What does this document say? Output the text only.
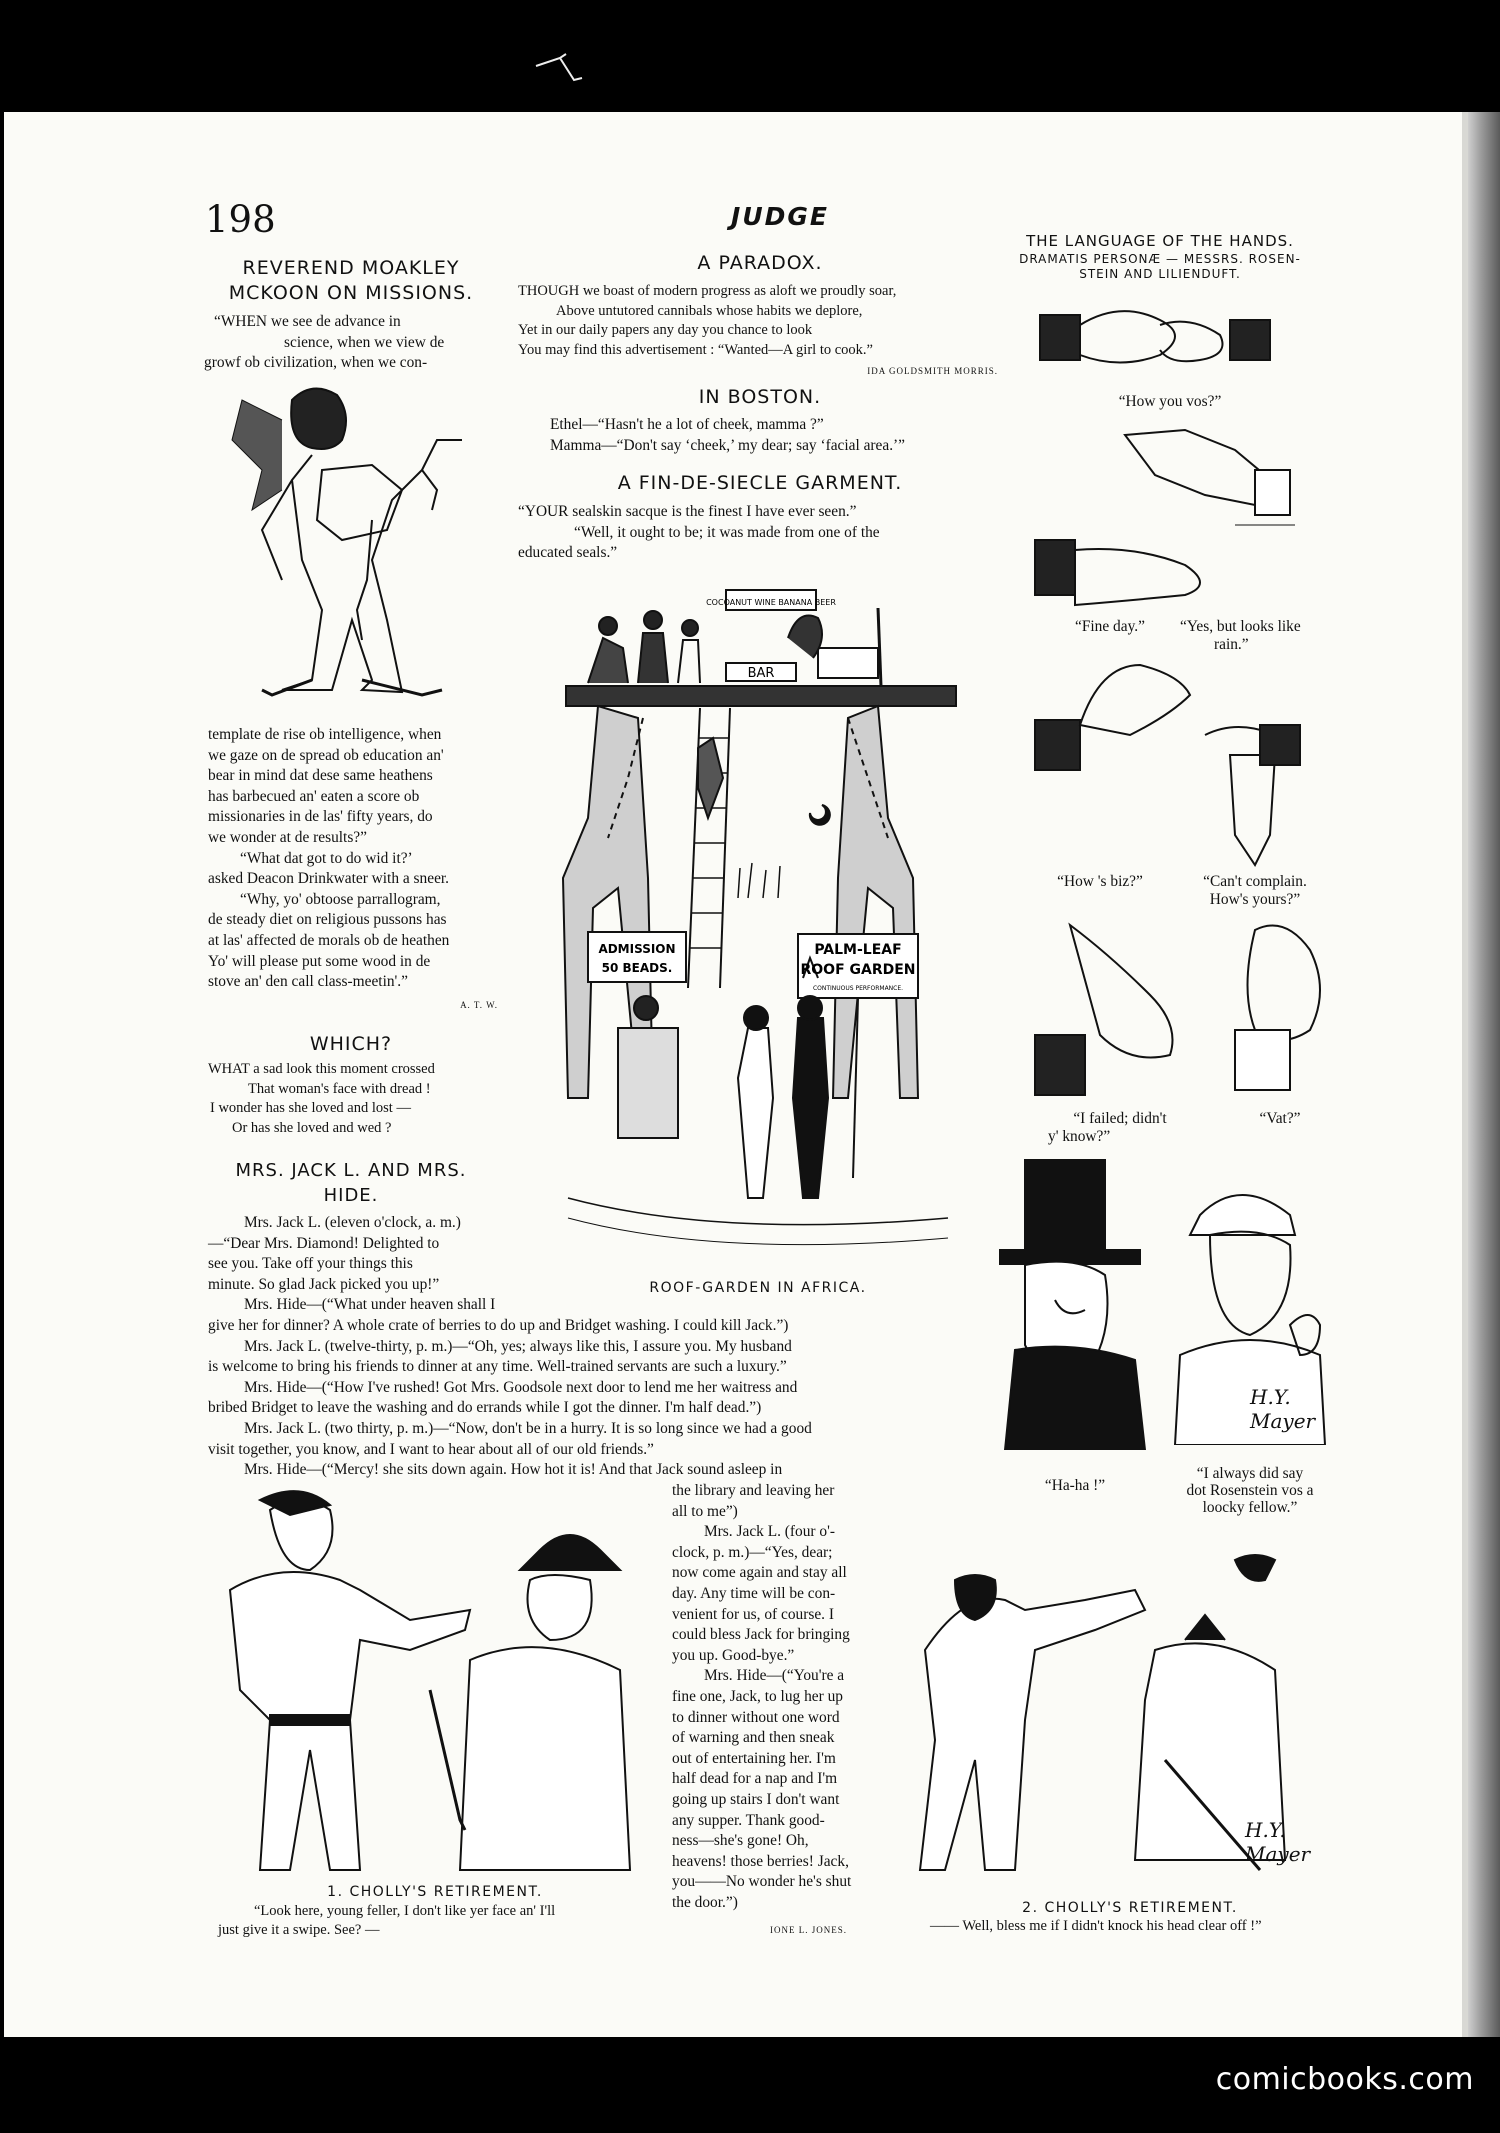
198	JUDGE
REVEREND MOAKLEY
MCKOON ON MISSIONS.

“WHEN we see de advance in

science, when we view de

growf ob civilization, when we con-

template de rise ob intelligence, when

we gaze on de spread ob education an'

bear in mind dat dese same heathens

has barbecued an' eaten a score ob

missionaries in de las' fifty years, do

we wonder at de results?”

“What dat got to do wid it?’

asked Deacon Drinkwater with a sneer.

“Why, yo' obtoose parrallogram,

de steady diet on religious pussons has

at las' affected de morals ob de heathen

Yo' will please put some wood in de

stove an' den call class-meetin'.”

A. T. W.
WHICH?

WHAT a sad look this moment crossed

That woman's face with dread !

I wonder has she loved and lost —

Or has she loved and wed ?

MRS. JACK L. AND MRS.
HIDE.

Mrs. Jack L. (eleven o'clock, a. m.)

—“Dear Mrs. Diamond! Delighted to

see you. Take off your things this

minute. So glad Jack picked you up!”

Mrs. Hide—(“What under heaven shall I

give her for dinner? A whole crate of berries to do up and Bridget washing. I could kill Jack.”)

Mrs. Jack L. (twelve-thirty, p. m.)—“Oh, yes; always like this, I assure you. My husband

is welcome to bring his friends to dinner at any time. Well-trained servants are such a luxury.”

Mrs. Hide—(“How I've rushed! Got Mrs. Goodsole next door to lend me her waitress and

bribed Bridget to leave the washing and do errands while I got the dinner. I'm half dead.”)

Mrs. Jack L. (two thirty, p. m.)—“Now, don't be in a hurry. It is so long since we had a good

visit together, you know, and I want to hear about all of our old friends.”

Mrs. Hide—(“Mercy! she sits down again. How hot it is! And that Jack sound asleep in

the library and leaving her

all to me”)

Mrs. Jack L. (four o'-

clock, p. m.)—“Yes, dear;

now come again and stay all

day. Any time will be con-

venient for us, of course. I

could bless Jack for bringing

you up. Good-bye.”

Mrs. Hide—(“You're a

fine one, Jack, to lug her up

to dinner without one word

of warning and then sneak

out of entertaining her. I'm

half dead for a nap and I'm

going up stairs I don't want

any supper. Thank good-

ness—she's gone! Oh,

heavens! those berries! Jack,

you——No wonder he's shut

the door.”)

IONE L. JONES.
A PARADOX.

THOUGH we boast of modern progress as aloft we proudly soar,

Above untutored cannibals whose habits we deplore,

Yet in our daily papers any day you chance to look

You may find this advertisement : “Wanted—A girl to cook.”

IDA GOLDSMITH MORRIS.
IN BOSTON.

Ethel—“Hasn't he a lot of cheek, mamma ?”

Mamma—“Don't say ‘cheek,’ my dear; say ‘facial area.’”

A FIN-DE-SIECLE GARMENT.

“YOUR sealskin sacque is the finest I have ever seen.”

“Well, it ought to be; it was made from one of the

educated seals.”

COCOANUT WINE BANANA BEER
BAR
ADMISSION
50 BEADS.
PALM-LEAF
ROOF GARDEN
CONTINUOUS PERFORMANCE.
ROOF-GARDEN IN AFRICA.
THE LANGUAGE OF THE HANDS.
DRAMATIS PERSONÆ — MESSRS. ROSEN-
STEIN AND LILIENDUFT.
“How you vos?”
“Fine day.”	“Yes, but looks like
rain.”
“How 's biz?”	“Can't complain.
How's yours?”
“I failed; didn't
y' know?”
“Vat?”
H.Y. Mayer
“Ha-ha !”
“I always did say
dot Rosenstein vos a
loocky fellow.”
1. CHOLLY'S RETIREMENT.

“Look here, young feller, I don't like yer face an' I'll

just give it a swipe. See? —

H.Y. Mayer
2. CHOLLY'S RETIREMENT.
—— Well, bless me if I didn't knock his head clear off !”
comicbooks.com
